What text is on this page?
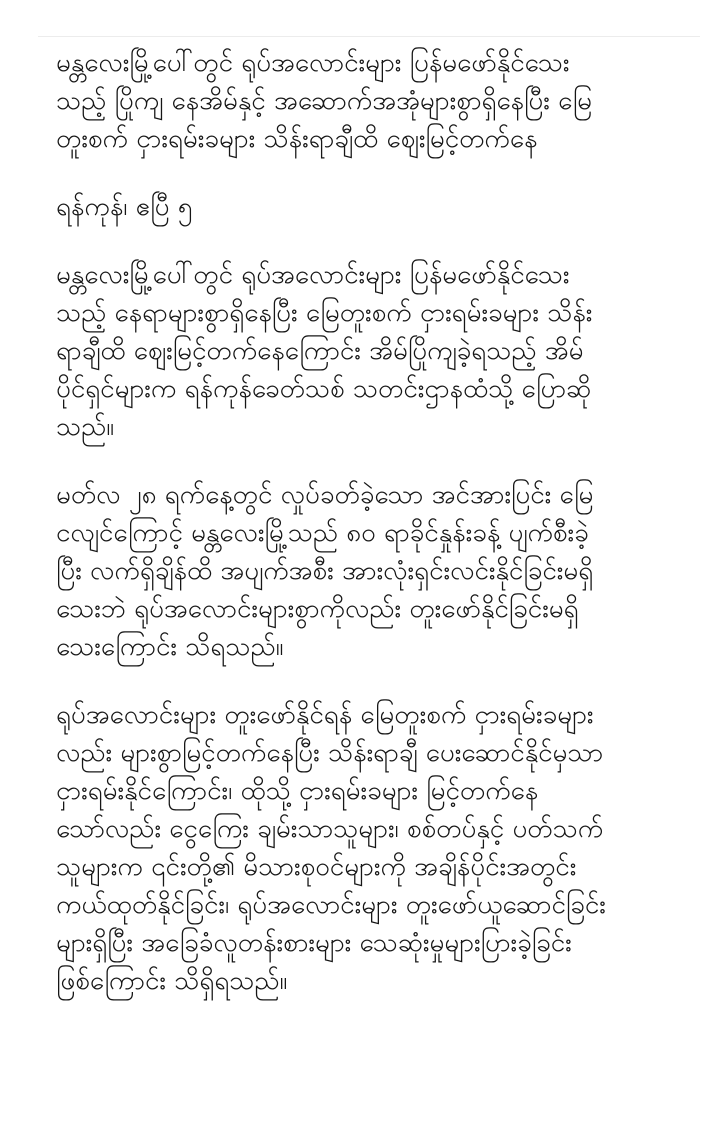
မန္တလေးမြို့ပေါ်တွင် ရုပ်အလောင်းများ ပြန်မဖော်နိုင်သေး
သည့် ပြိုကျ နေအိမ်နှင့် အဆောက်အအုံများစွာရှိနေပြီး မြေ
တူးစက် ငှားရမ်းခများ သိန်းရာချီထိ ဈေးမြင့်တက်နေ
ရန်ကုန်၊ ဧပြီ ၅
မန္တလေးမြို့ပေါ်တွင် ရုပ်အလောင်းများ ပြန်မဖော်နိုင်သေး
သည့် နေရာများစွာရှိနေပြီး မြေတူးစက် ငှားရမ်းခများ သိန်း
ရာချီထိ ဈေးမြင့်တက်နေကြောင်း အိမ်ပြိုကျခဲ့ရသည့် အိမ်
ပိုင်ရှင်များက ရန်ကုန်ခေတ်သစ် သတင်းဌာနထံသို့ ပြောဆို
သည်။
မတ်လ ၂၈ ရက်နေ့တွင် လှုပ်ခတ်ခဲ့သော အင်အားပြင်း မြေ
ငလျင်ကြောင့် မန္တလေးမြို့သည် ၈၀ ရာခိုင်နှုန်းခန့် ပျက်စီးခဲ့
ပြီး လက်ရှိချိန်ထိ အပျက်အစီး အားလုံးရှင်းလင်းနိုင်ခြင်းမရှိ
သေးဘဲ ရုပ်အလောင်းများစွာကိုလည်း တူးဖော်နိုင်ခြင်းမရှိ
သေးကြောင်း သိရသည်။
ရုပ်အလောင်းများ တူးဖော်နိုင်ရန် မြေတူးစက် ငှားရမ်းခများ
လည်း များစွာမြင့်တက်နေပြီး သိန်းရာချီ ပေးဆောင်နိုင်မှသာ
ငှားရမ်းနိုင်ကြောင်း၊ ထိုသို့ ငှားရမ်းခများ မြင့်တက်နေ
သော်လည်း ငွေကြေး ချမ်းသာသူများ၊ စစ်တပ်နှင့် ပတ်သက်
သူများက ၎င်းတို့၏ မိသားစုဝင်များကို အချိန်ပိုင်းအတွင်း
ကယ်ထုတ်နိုင်ခြင်း၊ ရုပ်အလောင်းများ တူးဖော်ယူဆောင်ခြင်း
များရှိပြီး အခြေခံလူတန်းစားများ သေဆုံးမှုများပြားခဲ့ခြင်း
ဖြစ်ကြောင်း သိရှိရသည်။
